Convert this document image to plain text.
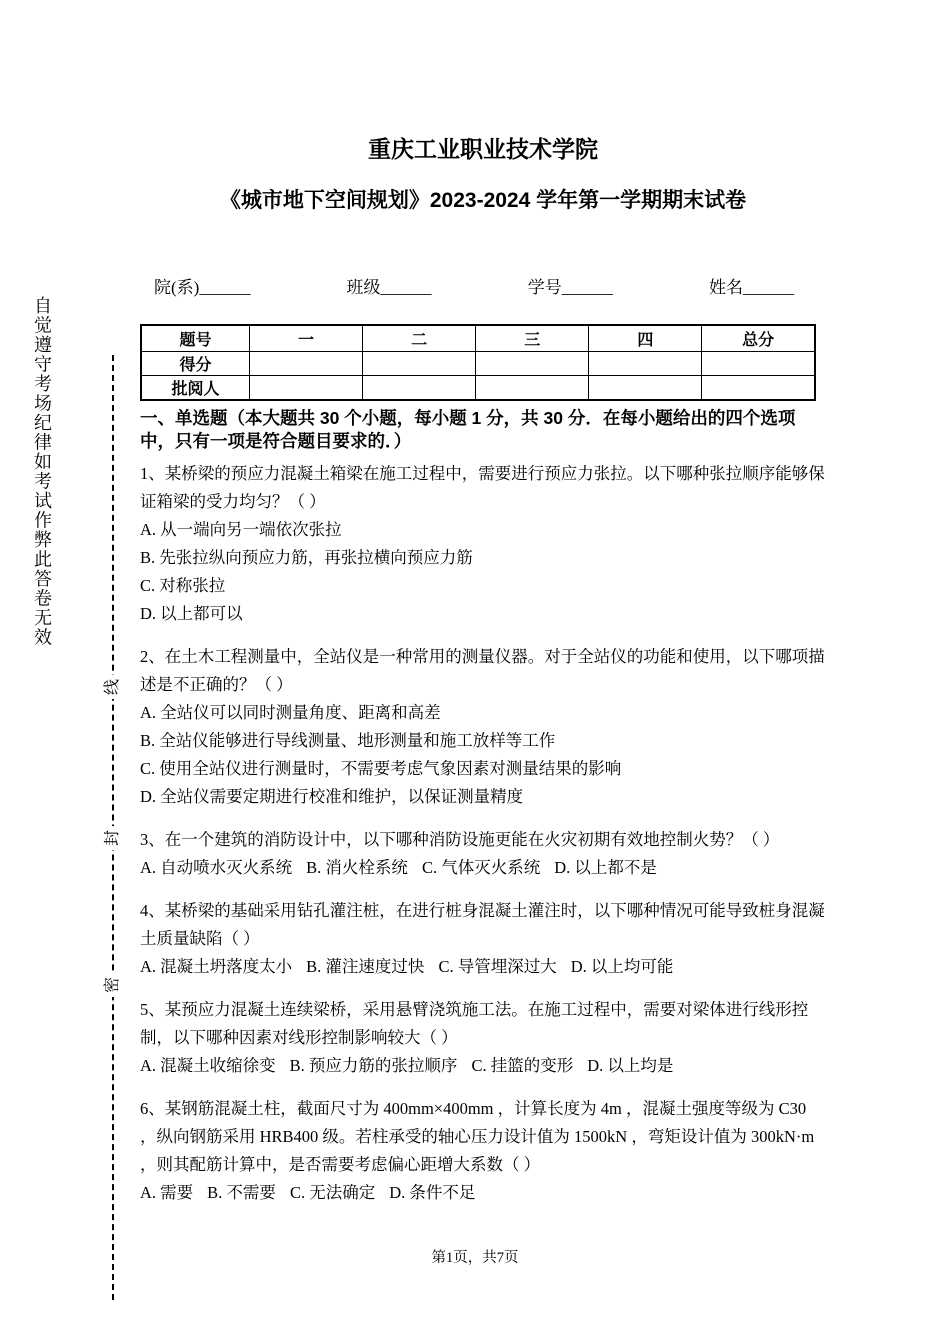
自觉遵守考场纪律如考试作弊此答卷无效
线
封
密
重庆工业职业技术学院
《城市地下空间规划》2023-2024 学年第一学期期末试卷
院(系)______	班级______	学号______	姓名______
题号	一	二	三	四	总分
得分					
批阅人					
一、单选题（本大题共 30 个小题，每小题 1 分，共 30 分．在每小题给出的四个选项中，只有一项是符合题目要求的．）
1、某桥梁的预应力混凝土箱梁在施工过程中，需要进行预应力张拉。以下哪种张拉顺序能够保证箱梁的受力均匀？（ ）
A. 从一端向另一端依次张拉
B. 先张拉纵向预应力筋，再张拉横向预应力筋
C. 对称张拉
D. 以上都可以
2、在土木工程测量中，全站仪是一种常用的测量仪器。对于全站仪的功能和使用，以下哪项描述是不正确的？（ ）
A. 全站仪可以同时测量角度、距离和高差
B. 全站仪能够进行导线测量、地形测量和施工放样等工作
C. 使用全站仪进行测量时，不需要考虑气象因素对测量结果的影响
D. 全站仪需要定期进行校准和维护，以保证测量精度
3、在一个建筑的消防设计中，以下哪种消防设施更能在火灾初期有效地控制火势？（ ）
A. 自动喷水灭火系统 B. 消火栓系统 C. 气体灭火系统 D. 以上都不是
4、某桥梁的基础采用钻孔灌注桩，在进行桩身混凝土灌注时，以下哪种情况可能导致桩身混凝土质量缺陷（ ）
A. 混凝土坍落度太小 B. 灌注速度过快 C. 导管埋深过大 D. 以上均可能
5、某预应力混凝土连续梁桥，采用悬臂浇筑施工法。在施工过程中，需要对梁体进行线形控制，以下哪种因素对线形控制影响较大（ ）
A. 混凝土收缩徐变 B. 预应力筋的张拉顺序 C. 挂篮的变形 D. 以上均是
6、某钢筋混凝土柱，截面尺寸为 400mm×400mm ，计算长度为 4m ，混凝土强度等级为 C30 ，纵向钢筋采用 HRB400 级。若柱承受的轴心压力设计值为 1500kN ，弯矩设计值为 300kN·m ，则其配筋计算中，是否需要考虑偏心距增大系数（ ）
A. 需要 B. 不需要 C. 无法确定 D. 条件不足
第1页，共7页
